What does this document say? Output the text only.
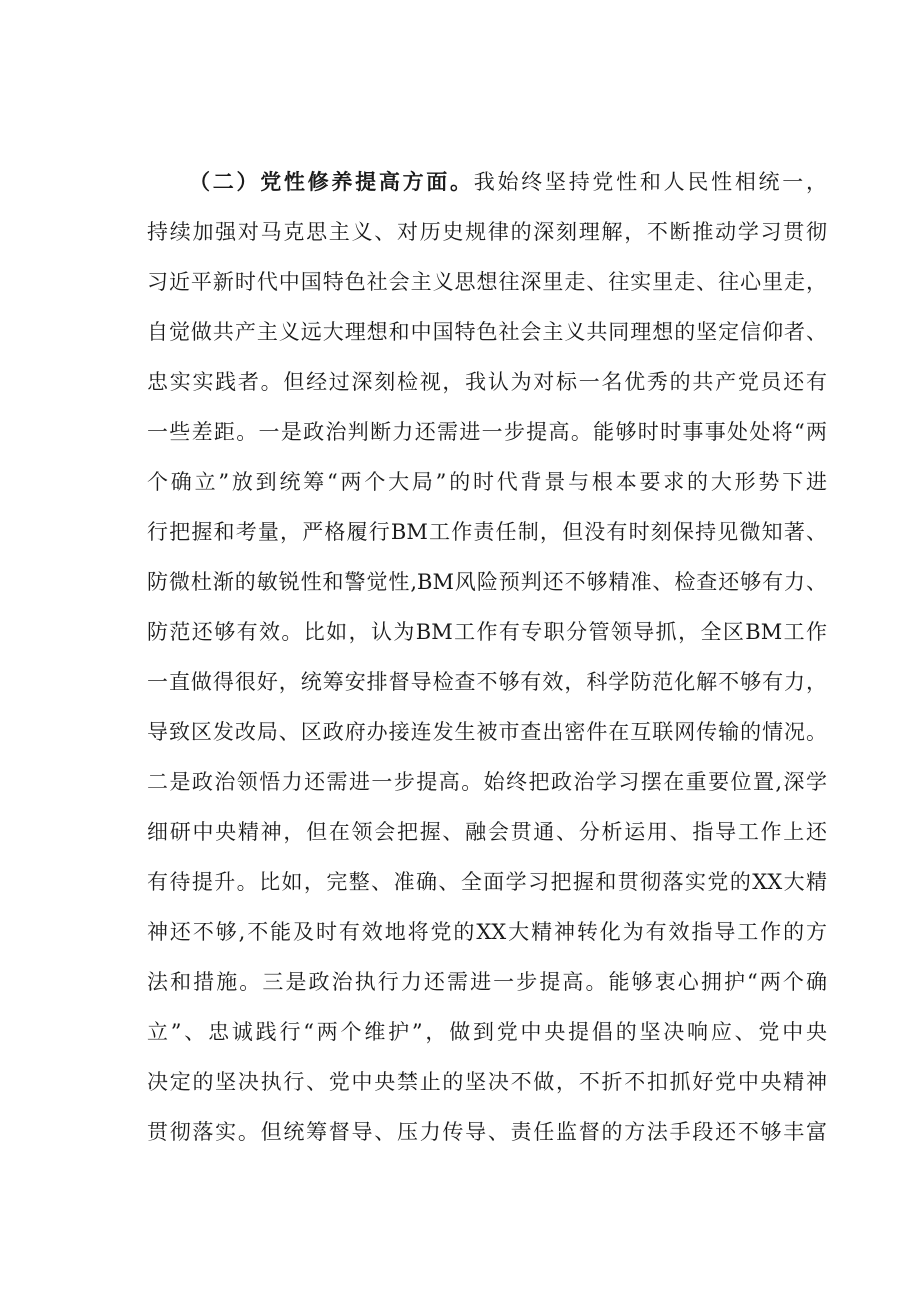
（二）党性修养提高方面。我始终坚持党性和人民性相统一，
持续加强对马克思主义、对历史规律的深刻理解，不断推动学习贯彻
习近平新时代中国特色社会主义思想往深里走、往实里走、往心里走，
自觉做共产主义远大理想和中国特色社会主义共同理想的坚定信仰者、
忠实实践者。但经过深刻检视，我认为对标一名优秀的共产党员还有
一些差距。一是政治判断力还需进一步提高。能够时时事事处处将“两
个确立”放到统筹“两个大局”的时代背景与根本要求的大形势下进
行把握和考量，严格履行BM工作责任制，但没有时刻保持见微知著、
防微杜渐的敏锐性和警觉性,BM风险预判还不够精准、检查还够有力、
防范还够有效。比如，认为BM工作有专职分管领导抓，全区BM工作
一直做得很好，统筹安排督导检查不够有效，科学防范化解不够有力，
导致区发改局、区政府办接连发生被市查出密件在互联网传输的情况。
二是政治领悟力还需进一步提高。始终把政治学习摆在重要位置,深学
细研中央精神，但在领会把握、融会贯通、分析运用、指导工作上还
有待提升。比如，完整、准确、全面学习把握和贯彻落实党的XX大精
神还不够,不能及时有效地将党的XX大精神转化为有效指导工作的方
法和措施。三是政治执行力还需进一步提高。能够衷心拥护“两个确
立”、忠诚践行“两个维护”，做到党中央提倡的坚决响应、党中央
决定的坚决执行、党中央禁止的坚决不做，不折不扣抓好党中央精神
贯彻落实。但统筹督导、压力传导、责任监督的方法手段还不够丰富
